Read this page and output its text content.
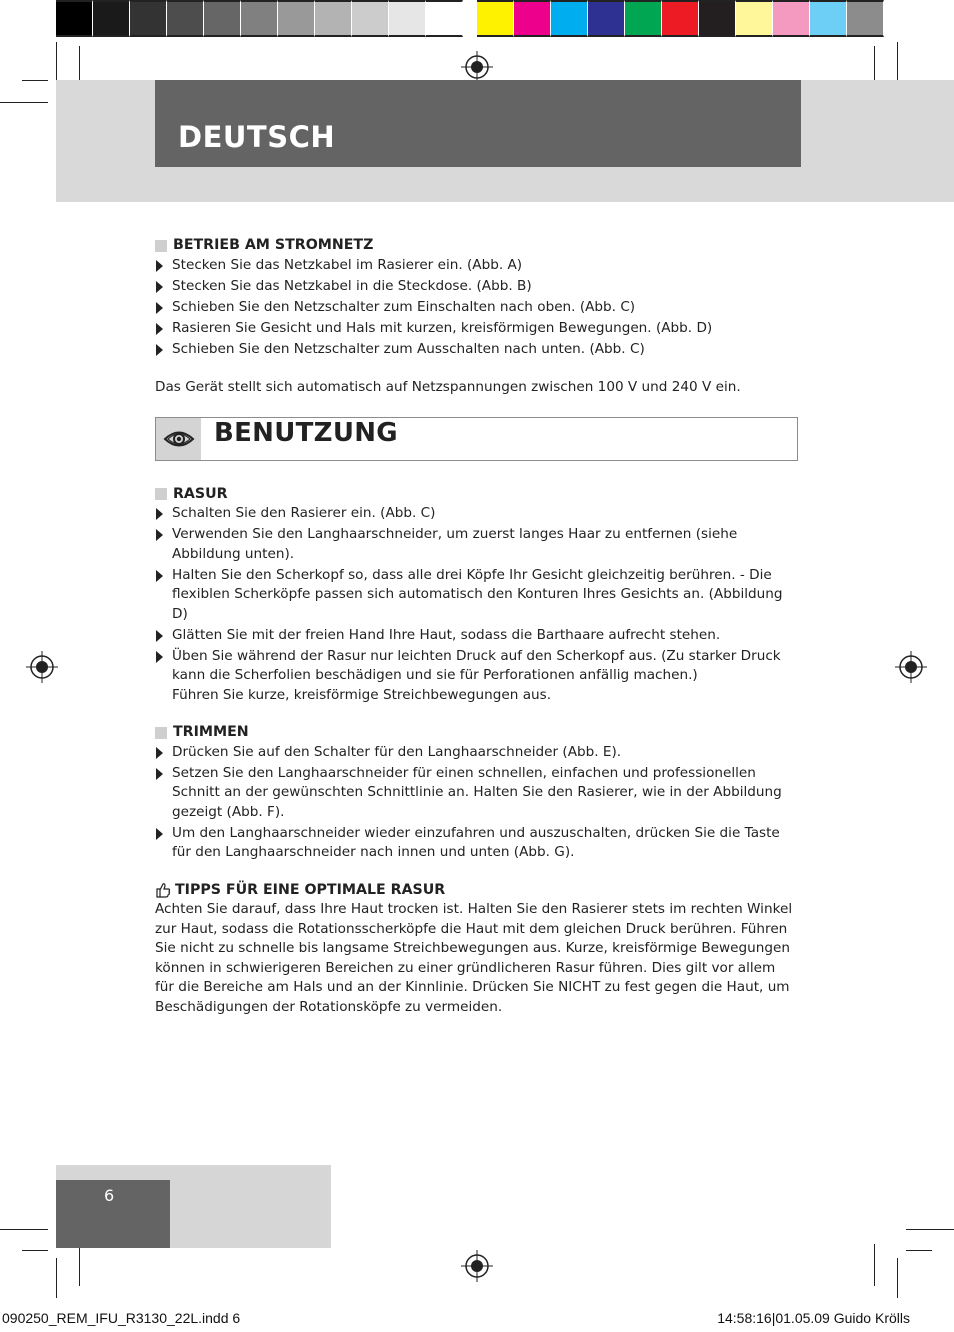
DEUTSCH
BETRIEB AM STROMNETZ
Stecken Sie das Netzkabel im Rasierer ein. (Abb. A)
Stecken Sie das Netzkabel in die Steckdose. (Abb. B)
Schieben Sie den Netzschalter zum Einschalten nach oben. (Abb. C)
Rasieren Sie Gesicht und Hals mit kurzen, kreisförmigen Bewegungen. (Abb. D)
Schieben Sie den Netzschalter zum Ausschalten nach unten. (Abb. C)

Das Gerät stellt sich automatisch auf Netzspannungen zwischen 100 V und 240 V ein.

BENUTZUNG
RASUR
Schalten Sie den Rasierer ein. (Abb. C)
Verwenden Sie den Langhaarschneider, um zuerst langes Haar zu entfernen (siehe Abbildung unten).
Halten Sie den Scherkopf so, dass alle drei Köpfe Ihr Gesicht gleichzeitig berühren. - Die flexiblen Scherköpfe passen sich automatisch den Konturen Ihres Gesichts an. (Abbildung D)
Glätten Sie mit der freien Hand Ihre Haut, sodass die Barthaare aufrecht stehen.
Üben Sie während der Rasur nur leichten Druck auf den Scherkopf aus. (Zu starker Druck kann die Scherfolien beschädigen und sie für Perforationen anfällig machen.)
Führen Sie kurze, kreisförmige Streichbewegungen aus.
TRIMMEN
Drücken Sie auf den Schalter für den Langhaarschneider (Abb. E).
Setzen Sie den Langhaarschneider für einen schnellen, einfachen und professionellen Schnitt an der gewünschten Schnittlinie an. Halten Sie den Rasierer, wie in der Abbildung gezeigt (Abb. F).
Um den Langhaarschneider wieder einzufahren und auszuschalten, drücken Sie die Taste für den Langhaarschneider nach innen und unten (Abb. G).
TIPPS FÜR EINE OPTIMALE RASUR

Achten Sie darauf, dass Ihre Haut trocken ist. Halten Sie den Rasierer stets im rechten Winkel zur Haut, sodass die Rotationsscherköpfe die Haut mit dem gleichen Druck berühren. Führen Sie nicht zu schnelle bis langsame Streichbewegungen aus. Kurze, kreisförmige Bewegungen können in schwierigeren Bereichen zu einer gründlicheren Rasur führen. Dies gilt vor allem für die Bereiche am Hals und an der Kinnlinie. Drücken Sie NICHT zu fest gegen die Haut, um Beschädigungen der Rotationsköpfe zu vermeiden.

6
090250_REM_IFU_R3130_22L.indd 6	14:58:16|01.05.09 Guido Krölls
